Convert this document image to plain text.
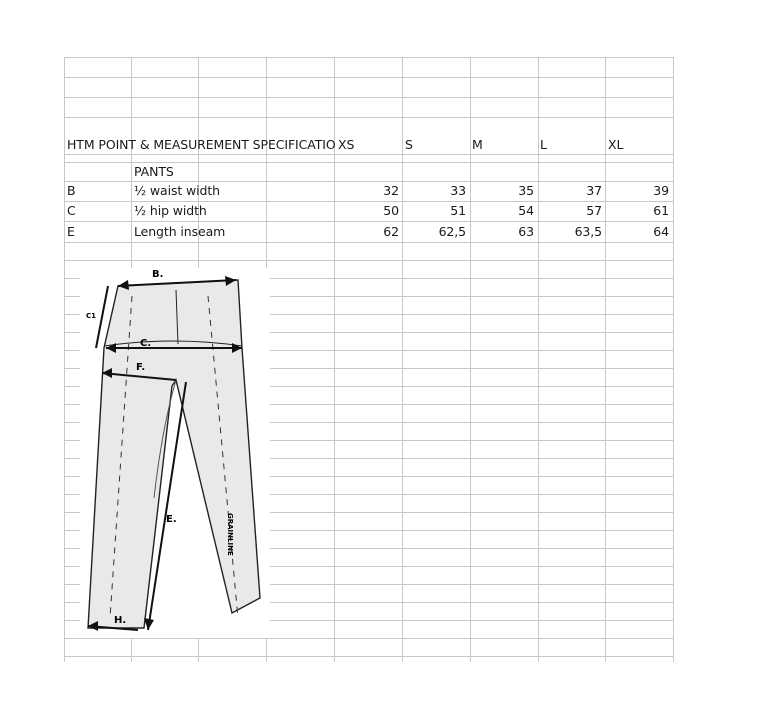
HTM POINT & MEASUREMENT SPECIFICATIO XS	S	M	L	XL
PANTS
B	½ waist width	32	33	35	37	39
C	½ hip width	50	51	54	57	61
E	Length inseam	62	62,5	63	63,5	64
B.
C1
C.
F.
E.
H.
GRAINLINE
